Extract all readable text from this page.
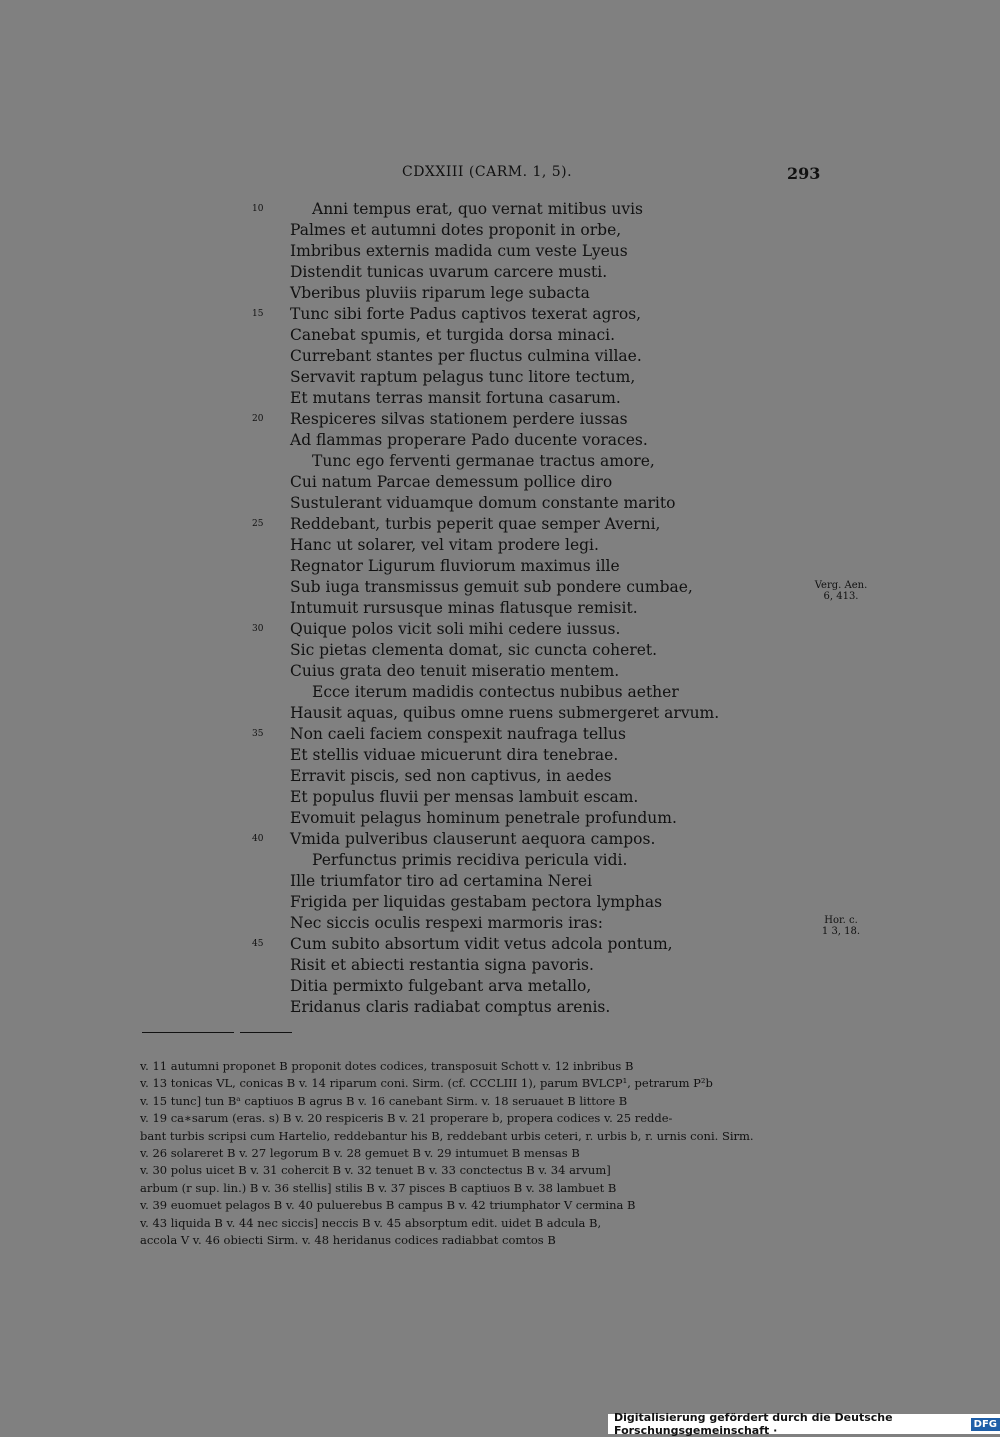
CDXXIII (CARM. 1, 5).	293
10	Anni tempus erat, quo vernat mitibus uvis
Palmes et autumni dotes proponit in orbe,
Imbribus externis madida cum veste Lyeus
Distendit tunicas uvarum carcere musti.
Vberibus pluviis riparum lege subacta
15	Tunc sibi forte Padus captivos texerat agros,
Canebat spumis, et turgida dorsa minaci.
Currebant stantes per fluctus culmina villae.
Servavit raptum pelagus tunc litore tectum,
Et mutans terras mansit fortuna casarum.
20	Respiceres silvas stationem perdere iussas
Ad flammas properare Pado ducente voraces.
Tunc ego ferventi germanae tractus amore,
Cui natum Parcae demessum pollice diro
Sustulerant viduamque domum constante marito
25	Reddebant, turbis peperit quae semper Averni,
Hanc ut solarer, vel vitam prodere legi.
Regnator Ligurum fluviorum maximus ille
Sub iuga transmissus gemuit sub pondere cumbae,
Intumuit rursusque minas flatusque remisit.
30	Quique polos vicit soli mihi cedere iussus.
Sic pietas clementa domat, sic cuncta coheret.
Cuius grata deo tenuit miseratio mentem.
Ecce iterum madidis contectus nubibus aether
Hausit aquas, quibus omne ruens submergeret arvum.
35	Non caeli faciem conspexit naufraga tellus
Et stellis viduae micuerunt dira tenebrae.
Erravit piscis, sed non captivus, in aedes
Et populus fluvii per mensas lambuit escam.
Evomuit pelagus hominum penetrale profundum.
40	Vmida pulveribus clauserunt aequora campos.
Perfunctus primis recidiva pericula vidi.
Ille triumfator tiro ad certamina Nerei
Frigida per liquidas gestabam pectora lymphas
Nec siccis oculis respexi marmoris iras:
45	Cum subito absortum vidit vetus adcola pontum,
Risit et abiecti restantia signa pavoris.
Ditia permixto fulgebant arva metallo,
Eridanus claris radiabat comptus arenis.
Verg. Aen.
6, 413.
Hor. c.
1 3, 18.
v. 11 autumni proponet B proponit dotes codices, transposuit Schott v. 12 inbribus B
v. 13 tonicas VL, conicas B v. 14 riparum coni. Sirm. (cf. CCCLIII 1), parum BVLCP¹, petrarum P²b
v. 15 tunc] tun Bᵃ captiuos B agrus B v. 16 canebant Sirm. v. 18 seruauet B littore B
v. 19 ca∗sarum (eras. s) B v. 20 respiceris B v. 21 properare b, propera codices v. 25 redde-
bant turbis scripsi cum Hartelio, reddebantur his B, reddebant urbis ceteri, r. urbis b, r. urnis coni. Sirm.
v. 26 solareret B v. 27 legorum B v. 28 gemuet B v. 29 intumuet B mensas B
v. 30 polus uicet B v. 31 cohercit B v. 32 tenuet B v. 33 conctectus B v. 34 arvum]
arbum (r sup. lin.) B v. 36 stellis] stilis B v. 37 pisces B captiuos B v. 38 lambuet B
v. 39 euomuet pelagos B v. 40 puluerebus B campus B v. 42 triumphator V cermina B
v. 43 liquida B v. 44 nec siccis] neccis B v. 45 absorptum edit. uidet B adcula B,
accola V v. 46 obiecti Sirm. v. 48 heridanus codices radiabbat comtos B
Digitalisierung gefördert durch die Deutsche Forschungsgemeinschaft ·	DFG
